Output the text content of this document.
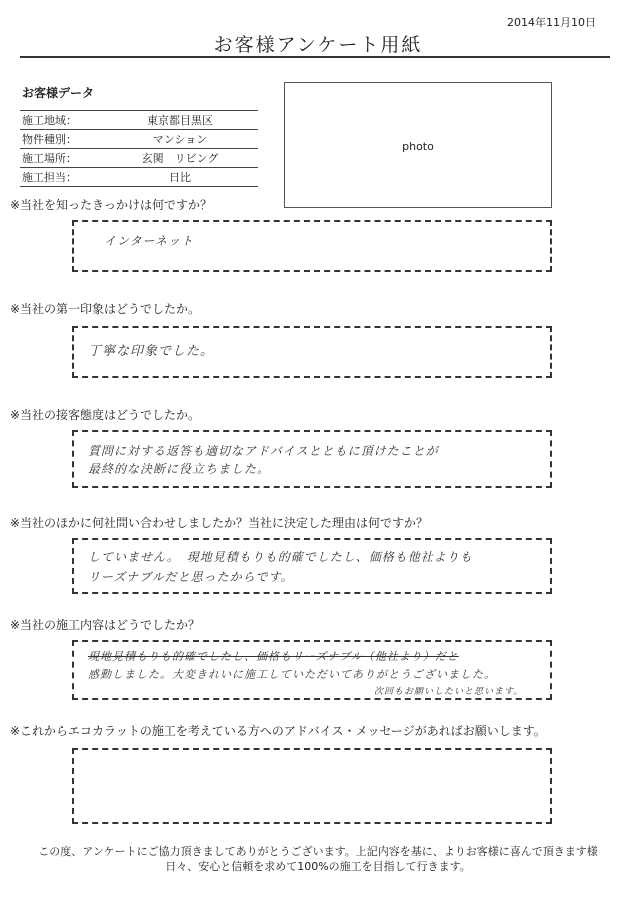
2014年11月10日
お客様アンケート用紙
お客様データ
施工地域：	東京都目黒区
物件種別：	マンション
施工場所：	玄関　リビング
施工担当：	日比
photo
※当社を知ったきっかけは何ですか？
インターネット
※当社の第一印象はどうでしたか。
丁寧な印象でした。
※当社の接客態度はどうでしたか。
質問に対する返答も適切なアドバイスとともに頂けたことが
最終的な決断に役立ちました。
※当社のほかに何社問い合わせしましたか？当社に決定した理由は何ですか？
していません。　現地見積もりも的確でしたし、価格も他社よりも
リーズナブルだと思ったからです。
※当社の施工内容はどうでしたか？
現地見積もりも的確でしたし、価格もリーズナブル（他社より）だと
感動しました。大変きれいに施工していただいてありがとうございました。
次回もお願いしたいと思います。
※これからエコカラットの施工を考えている方へのアドバイス・メッセージがあればお願いします。
この度、アンケートにご協力頂きましてありがとうございます。上記内容を基に、よりお客様に喜んで頂きます様
日々、安心と信頼を求めて100%の施工を目指して行きます。
